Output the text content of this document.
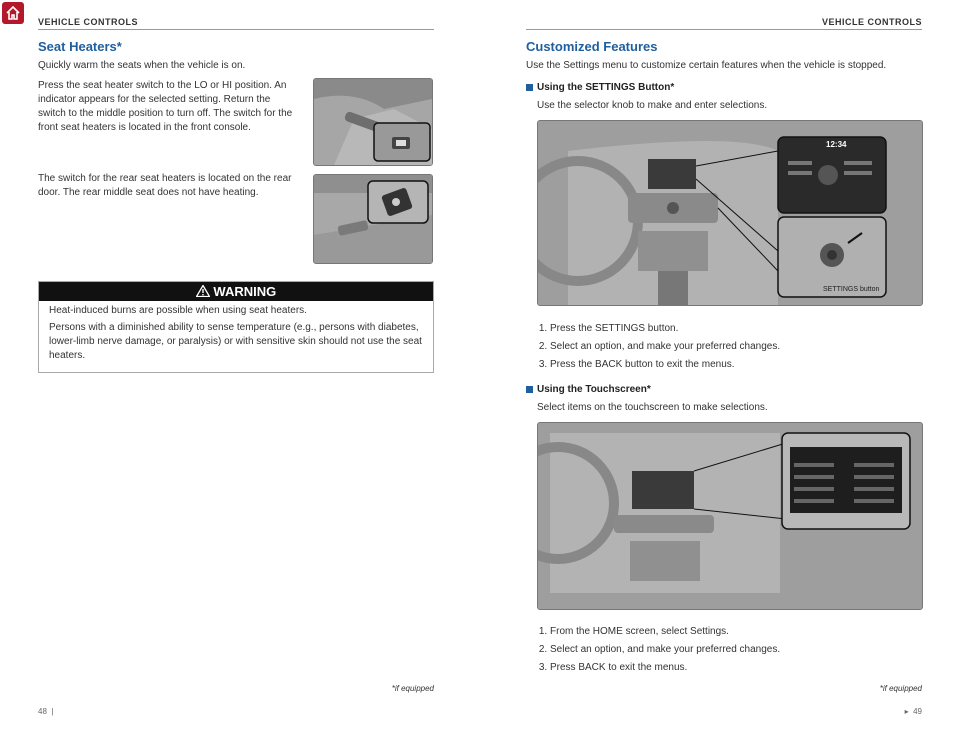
VEHICLE CONTROLS	VEHICLE CONTROLS
Seat Heaters*
Quickly warm the seats when the vehicle is on.
Press the seat heater switch to the LO or HI position. An indicator appears for the selected setting. Return the switch to the middle position to turn off. The switch for the front seat heaters is located in the front console.
The switch for the rear seat heaters is located on the rear door. The rear middle seat does not have heating.
WARNING
Heat-induced burns are possible when using seat heaters.
Persons with a diminished ability to sense temperature (e.g., persons with diabetes, lower-limb nerve damage, or paralysis) or with sensitive skin should not use the seat heaters.
*if equipped
48  |
Customized Features
Use the Settings menu to customize certain features when the vehicle is stopped.
Using the SETTINGS Button*
Use the selector knob to make and enter selections.
12:34
SETTINGS button
1. Press the SETTINGS button.
2. Select an option, and make your preferred changes.
3. Press the BACK button to exit the menus.
Using the Touchscreen*
Select items on the touchscreen to make selections.
1. From the HOME screen, select Settings.
2. Select an option, and make your preferred changes.
3. Press BACK to exit the menus.
*if equipped
▸  49
